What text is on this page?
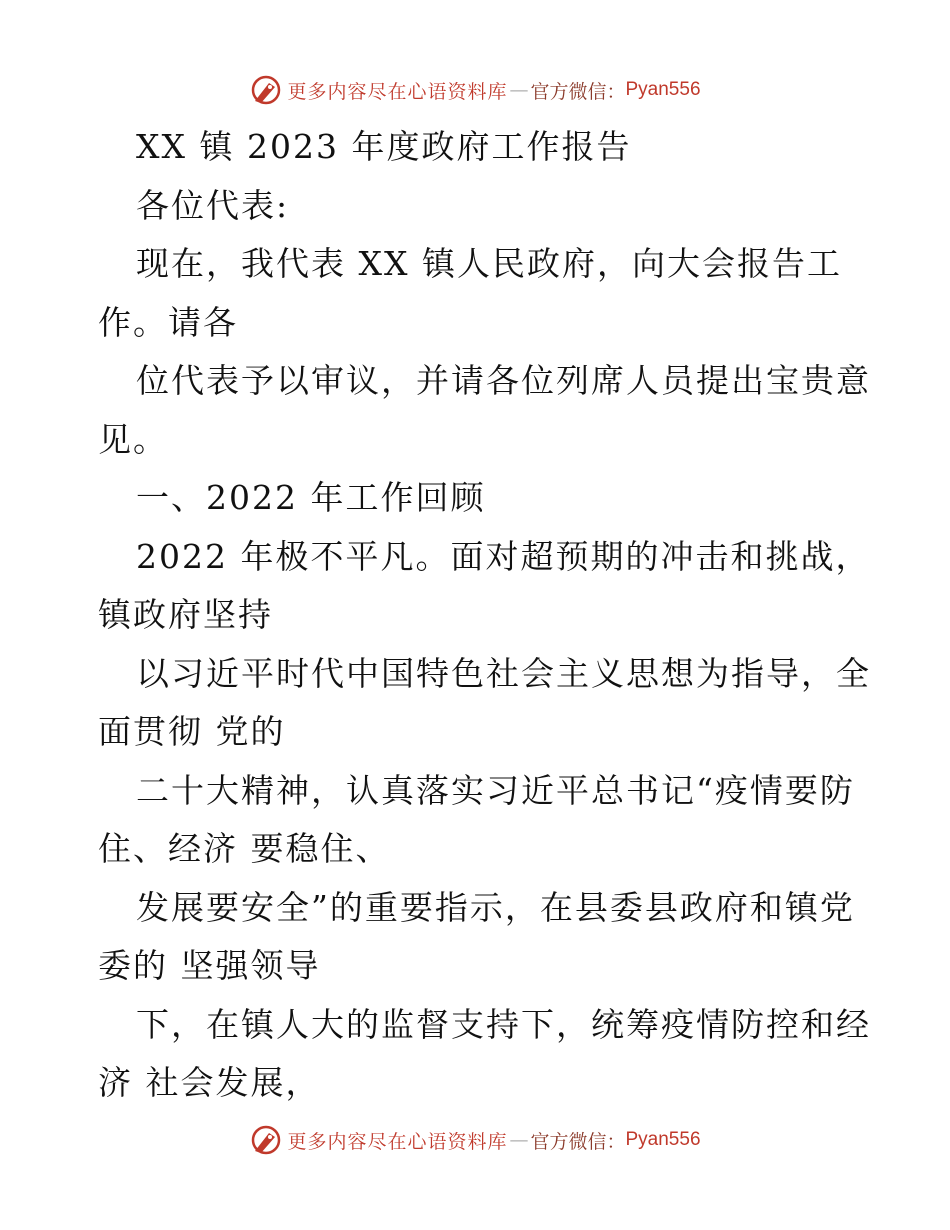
更多内容尽在心语资料库 — 官方微信： Pyan556
XX 镇 2023 年度政府工作报告
各位代表:
现在，我代表 XX 镇人民政府，向大会报告工
作。请各
位代表予以审议，并请各位列席人员提出宝贵意
见。
一、2022 年工作回顾
2022 年极不平凡。面对超预期的冲击和挑战，
镇政府坚持
以习近平时代中国特色社会主义思想为指导，全
面贯彻 党的
二十大精神，认真落实习近平总书记“疫情要防
住、经济 要稳住、
发展要安全”的重要指示，在县委县政府和镇党
委的 坚强领导
下，在镇人大的监督支持下，统筹疫情防控和经
济 社会发展，
更多内容尽在心语资料库 — 官方微信： Pyan556
